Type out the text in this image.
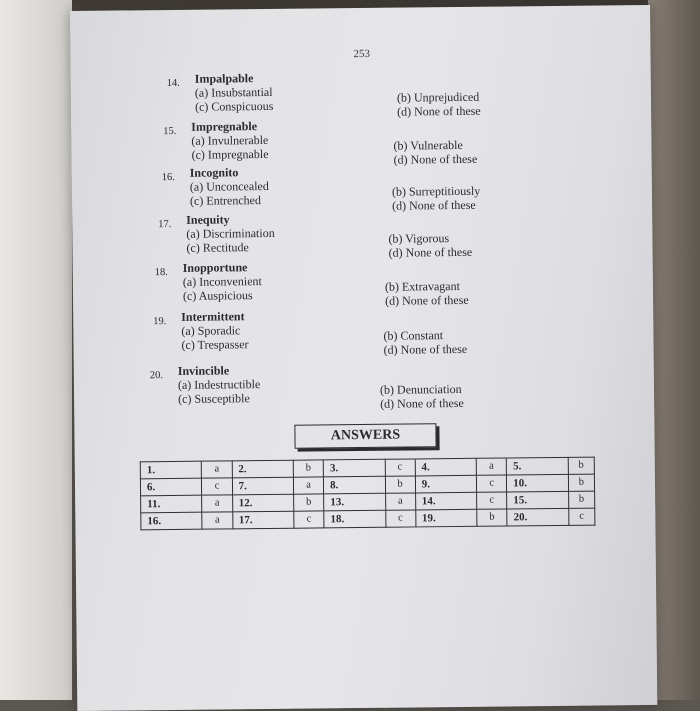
253
14. Impalpable
(a) Insubstantial
(c) Conspicuous
(b) Unprejudiced
(d) None of these
15. Impregnable
(a) Invulnerable
(c) Impregnable
(b) Vulnerable
(d) None of these
16. Incognito
(a) Unconcealed
(c) Entrenched
(b) Surreptitiously
(d) None of these
17. Inequity
(a) Discrimination
(c) Rectitude
(b) Vigorous
(d) None of these
18. Inopportune
(a) Inconvenient
(c) Auspicious
(b) Extravagant
(d) None of these
19. Intermittent
(a) Sporadic
(c) Trespasser
(b) Constant
(d) None of these
20. Invincible
(a) Indestructible
(c) Susceptible
(b) Denunciation
(d) None of these
ANSWERS
1.	a	2.	b	3.	c	4.	a	5.	b
6.	c	7.	a	8.	b	9.	c	10.	b
11.	a	12.	b	13.	a	14.	c	15.	b
16.	a	17.	c	18.	c	19.	b	20.	c
